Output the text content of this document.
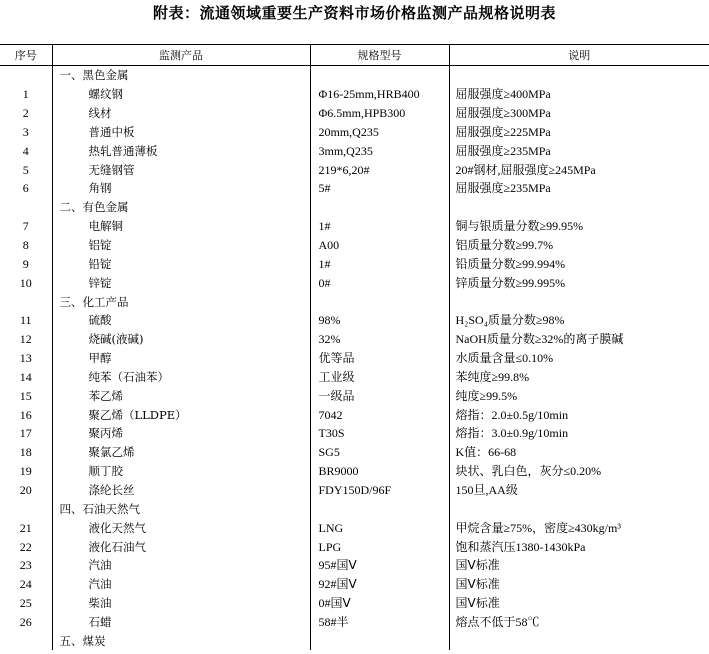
附表：流通领域重要生产资料市场价格监测产品规格说明表
序号	监测产品	规格型号	说明
	一、黑色金属		
1	螺纹钢	Φ16-25mm,HRB400	屈服强度≥400MPa
2	线材	Φ6.5mm,HPB300	屈服强度≥300MPa
3	普通中板	20mm,Q235	屈服强度≥225MPa
4	热轧普通薄板	3mm,Q235	屈服强度≥235MPa
5	无缝钢管	219*6,20#	20#钢材,屈服强度≥245MPa
6	角钢	5#	屈服强度≥235MPa
	二、有色金属		
7	电解铜	1#	铜与银质量分数≥99.95%
8	铝锭	A00	铝质量分数≥99.7%
9	铅锭	1#	铅质量分数≥99.994%
10	锌锭	0#	锌质量分数≥99.995%
	三、化工产品		
11	硫酸	98%	H₂SO₄质量分数≥98%
12	烧碱(液碱)	32%	NaOH质量分数≥32%的离子膜碱
13	甲醇	优等品	水质量含量≤0.10%
14	纯苯（石油苯）	工业级	苯纯度≥99.8%
15	苯乙烯	一级品	纯度≥99.5%
16	聚乙烯（LLDPE）	7042	熔指：2.0±0.5g/10min
17	聚丙烯	T30S	熔指：3.0±0.9g/10min
18	聚氯乙烯	SG5	K值：66-68
19	顺丁胶	BR9000	块状、乳白色，灰分≤0.20%
20	涤纶长丝	FDY150D/96F	150旦,AA级
	四、石油天然气		
21	液化天然气	LNG	甲烷含量≥75%，密度≥430kg/m³
22	液化石油气	LPG	饱和蒸汽压1380-1430kPa
23	汽油	95#国Ⅴ	国Ⅴ标准
24	汽油	92#国Ⅴ	国Ⅴ标准
25	柴油	0#国Ⅴ	国Ⅴ标准
26	石蜡	58#半	熔点不低于58℃
	五、煤炭		
